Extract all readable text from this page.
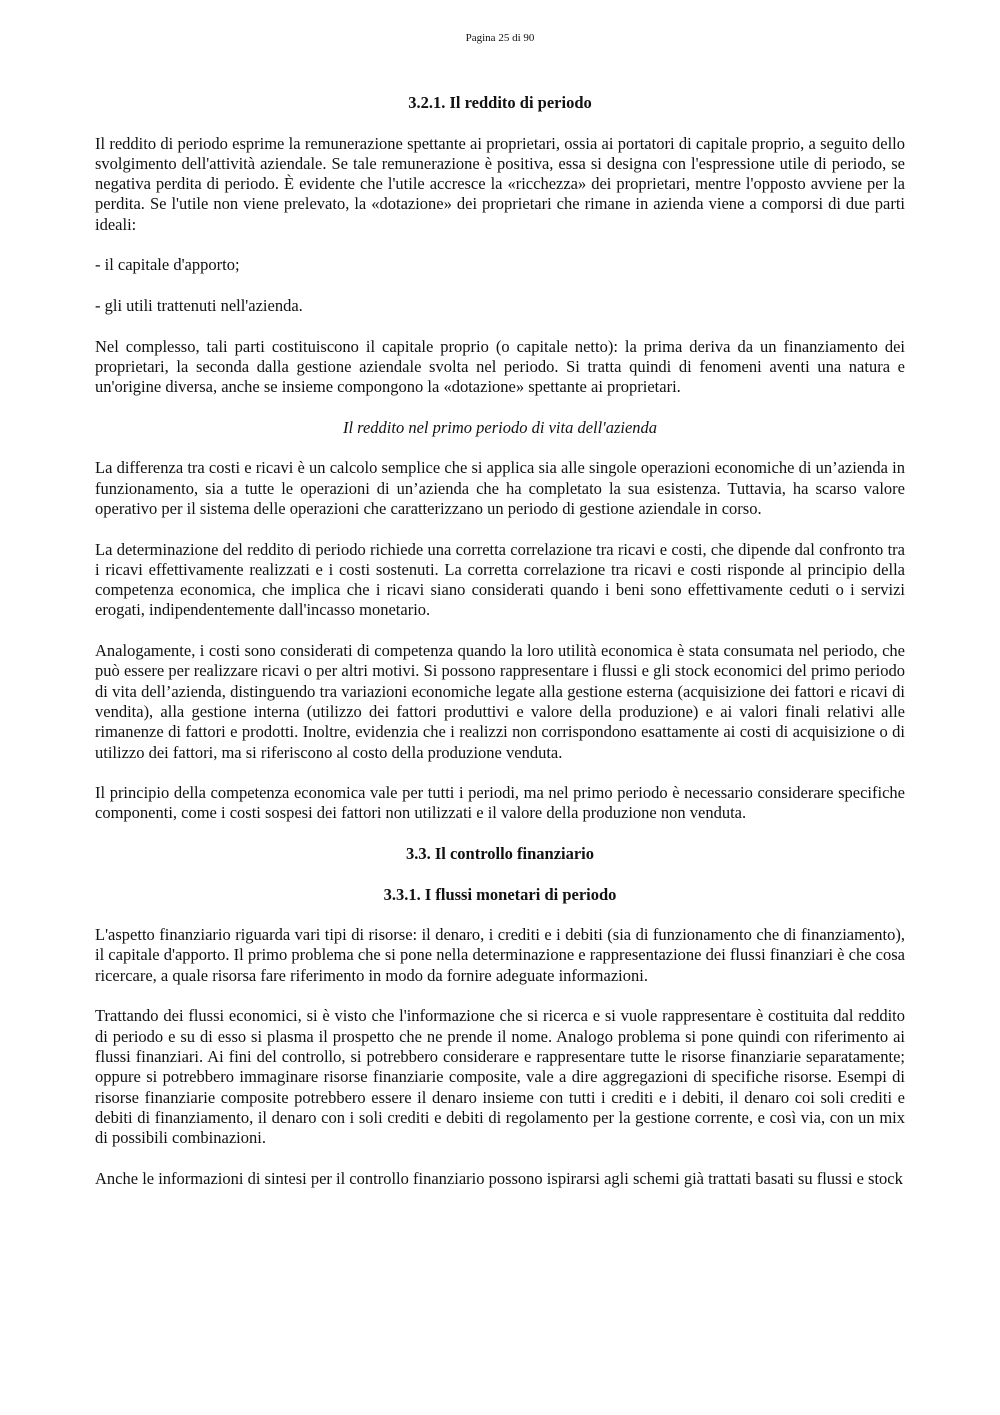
Pagina 25 di 90

3.2.1. Il reddito di periodo

Il reddito di periodo esprime la remunerazione spettante ai proprietari, ossia ai portatori di capitale proprio, a seguito dello svolgimento dell'attività aziendale. Se tale remunerazione è positiva, essa si designa con l'espressione utile di periodo, se negativa perdita di periodo. È evidente che l'utile accresce la «ricchezza» dei proprietari, mentre l'opposto avviene per la perdita. Se l'utile non viene prelevato, la «dotazione» dei proprietari che rimane in azienda viene a comporsi di due parti ideali:

- il capitale d'apporto;

- gli utili trattenuti nell'azienda.

Nel complesso, tali parti costituiscono il capitale proprio (o capitale netto): la prima deriva da un finanziamento dei proprietari, la seconda dalla gestione aziendale svolta nel periodo. Si tratta quindi di fenomeni aventi una natura e un'origine diversa, anche se insieme compongono la «dotazione» spettante ai proprietari.

Il reddito nel primo periodo di vita dell'azienda

La differenza tra costi e ricavi è un calcolo semplice che si applica sia alle singole operazioni economiche di un’azienda in funzionamento, sia a tutte le operazioni di un’azienda che ha completato la sua esistenza. Tuttavia, ha scarso valore operativo per il sistema delle operazioni che caratterizzano un periodo di gestione aziendale in corso.

La determinazione del reddito di periodo richiede una corretta correlazione tra ricavi e costi, che dipende dal confronto tra i ricavi effettivamente realizzati e i costi sostenuti. La corretta correlazione tra ricavi e costi risponde al principio della competenza economica, che implica che i ricavi siano considerati quando i beni sono effettivamente ceduti o i servizi erogati, indipendentemente dall'incasso monetario.

Analogamente, i costi sono considerati di competenza quando la loro utilità economica è stata consumata nel periodo, che può essere per realizzare ricavi o per altri motivi. Si possono rappresentare i flussi e gli stock economici del primo periodo di vita dell’azienda, distinguendo tra variazioni economiche legate alla gestione esterna (acquisizione dei fattori e ricavi di vendita), alla gestione interna (utilizzo dei fattori produttivi e valore della produzione) e ai valori finali relativi alle rimanenze di fattori e prodotti. Inoltre, evidenzia che i realizzi non corrispondono esattamente ai costi di acquisizione o di utilizzo dei fattori, ma si riferiscono al costo della produzione venduta.

Il principio della competenza economica vale per tutti i periodi, ma nel primo periodo è necessario considerare specifiche componenti, come i costi sospesi dei fattori non utilizzati e il valore della produzione non venduta.

3.3. Il controllo finanziario

3.3.1. I flussi monetari di periodo

L'aspetto finanziario riguarda vari tipi di risorse: il denaro, i crediti e i debiti (sia di funzionamento che di finanziamento), il capitale d'apporto. Il primo problema che si pone nella determinazione e rappresentazione dei flussi finanziari è che cosa ricercare, a quale risorsa fare riferimento in modo da fornire adeguate informazioni.

Trattando dei flussi economici, si è visto che l'informazione che si ricerca e si vuole rappresentare è costituita dal reddito di periodo e su di esso si plasma il prospetto che ne prende il nome. Analogo problema si pone quindi con riferimento ai flussi finanziari. Ai fini del controllo, si potrebbero considerare e rappresentare tutte le risorse finanziarie separatamente; oppure si potrebbero immaginare risorse finanziarie composite, vale a dire aggregazioni di specifiche risorse. Esempi di risorse finanziarie composite potrebbero essere il denaro insieme con tutti i crediti e i debiti, il denaro coi soli crediti e debiti di finanziamento, il denaro con i soli crediti e debiti di regolamento per la gestione corrente, e così via, con un mix di possibili combinazioni.

Anche le informazioni di sintesi per il controllo finanziario possono ispirarsi agli schemi già trattati basati su flussi e stock
